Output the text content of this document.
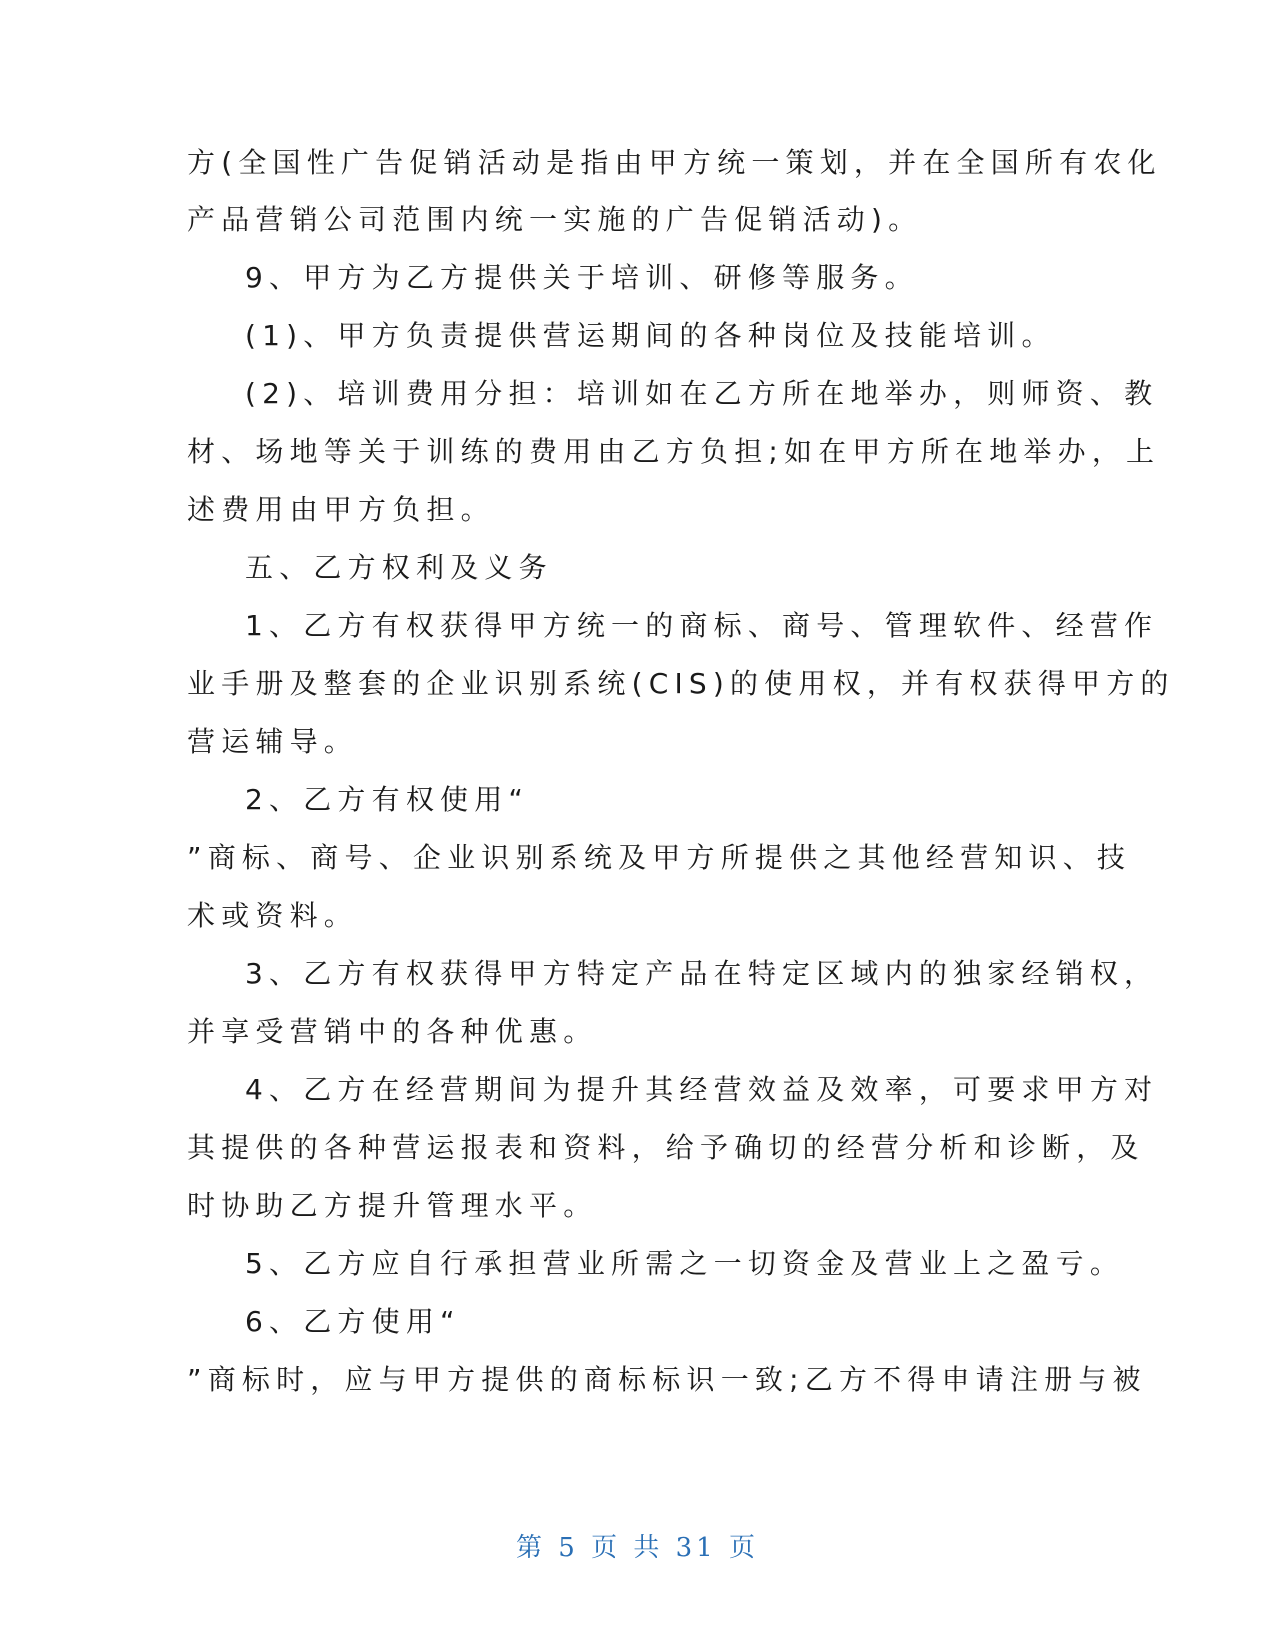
方(全国性广告促销活动是指由甲方统一策划，并在全国所有农化
产品营销公司范围内统一实施的广告促销活动)。
9、甲方为乙方提供关于培训、研修等服务。
(1)、甲方负责提供营运期间的各种岗位及技能培训。
(2)、培训费用分担：培训如在乙方所在地举办，则师资、教
材、场地等关于训练的费用由乙方负担;如在甲方所在地举办，上
述费用由甲方负担。
五、乙方权利及义务
1、乙方有权获得甲方统一的商标、商号、管理软件、经营作
业手册及整套的企业识别系统(CIS)的使用权，并有权获得甲方的
营运辅导。
2、乙方有权使用“
”商标、商号、企业识别系统及甲方所提供之其他经营知识、技
术或资料。
3、乙方有权获得甲方特定产品在特定区域内的独家经销权，
并享受营销中的各种优惠。
4、乙方在经营期间为提升其经营效益及效率，可要求甲方对
其提供的各种营运报表和资料，给予确切的经营分析和诊断，及
时协助乙方提升管理水平。
5、乙方应自行承担营业所需之一切资金及营业上之盈亏。
6、乙方使用“
”商标时，应与甲方提供的商标标识一致;乙方不得申请注册与被
第 5 页 共 31 页
